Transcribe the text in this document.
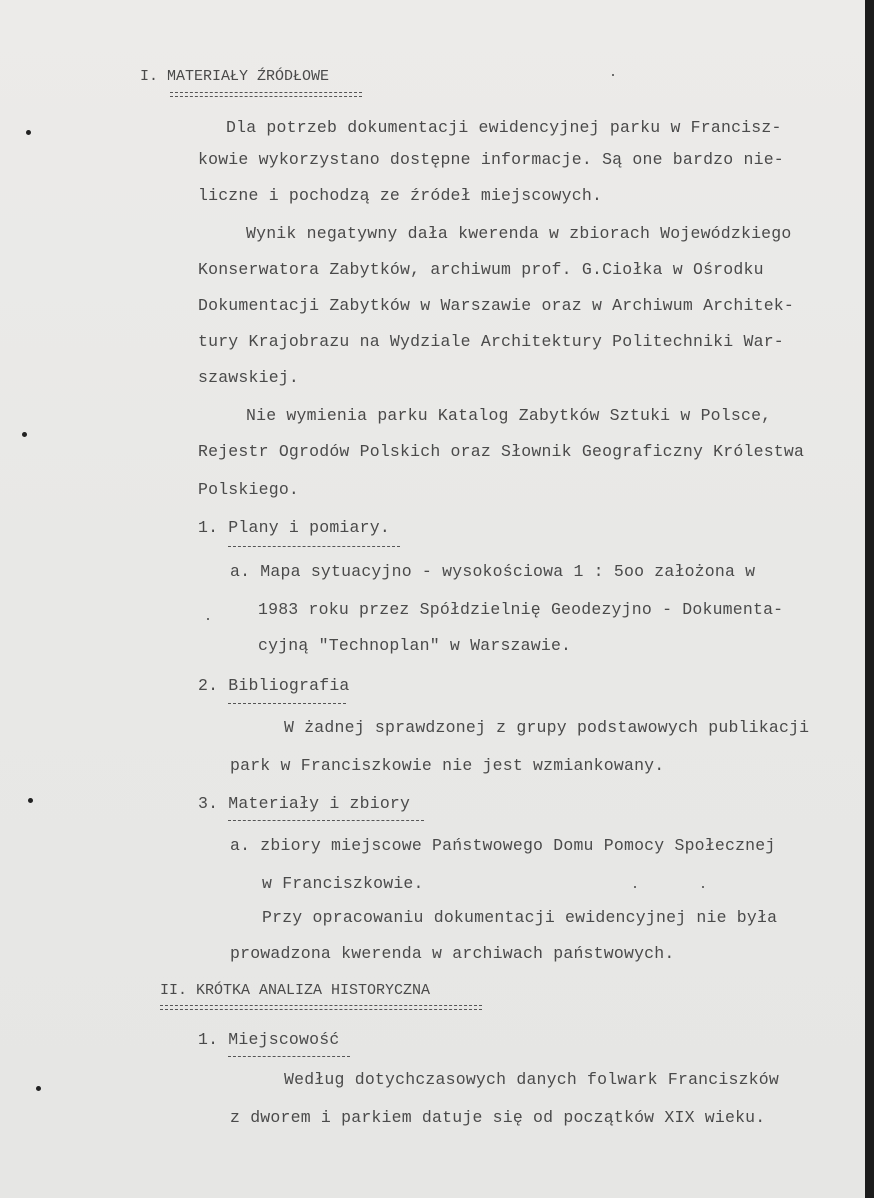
I. MATERIAŁY ŹRÓDŁOWE
Dla potrzeb dokumentacji ewidencyjnej parku w Francisz-
kowie wykorzystano dostępne informacje. Są one bardzo nie-
liczne i pochodzą ze źródeł miejscowych.
Wynik negatywny dała kwerenda w zbiorach Wojewódzkiego
Konserwatora Zabytków, archiwum prof. G.Ciołka w Ośrodku
Dokumentacji Zabytków w Warszawie oraz w Archiwum Architek-
tury Krajobrazu na Wydziale Architektury Politechniki War-
szawskiej.
Nie wymienia parku Katalog Zabytków Sztuki w Polsce,
Rejestr Ogrodów Polskich oraz Słownik Geograficzny Królestwa
Polskiego.
1. Plany i pomiary.
a. Mapa sytuacyjno - wysokościowa 1 : 5oo założona w
1983 roku przez Spółdzielnię Geodezyjno - Dokumenta-
cyjną "Technoplan" w Warszawie.
2. Bibliografia
W żadnej sprawdzonej z grupy podstawowych publikacji
park w Franciszkowie nie jest wzmiankowany.
3. Materiały i zbiory
a. zbiory miejscowe Państwowego Domu Pomocy Społecznej
w Franciszkowie.
Przy opracowaniu dokumentacji ewidencyjnej nie była
prowadzona kwerenda w archiwach państwowych.
II. KRÓTKA ANALIZA HISTORYCZNA
1. Miejscowość
Według dotychczasowych danych folwark Franciszków
z dworem i parkiem datuje się od początków XIX wieku.
